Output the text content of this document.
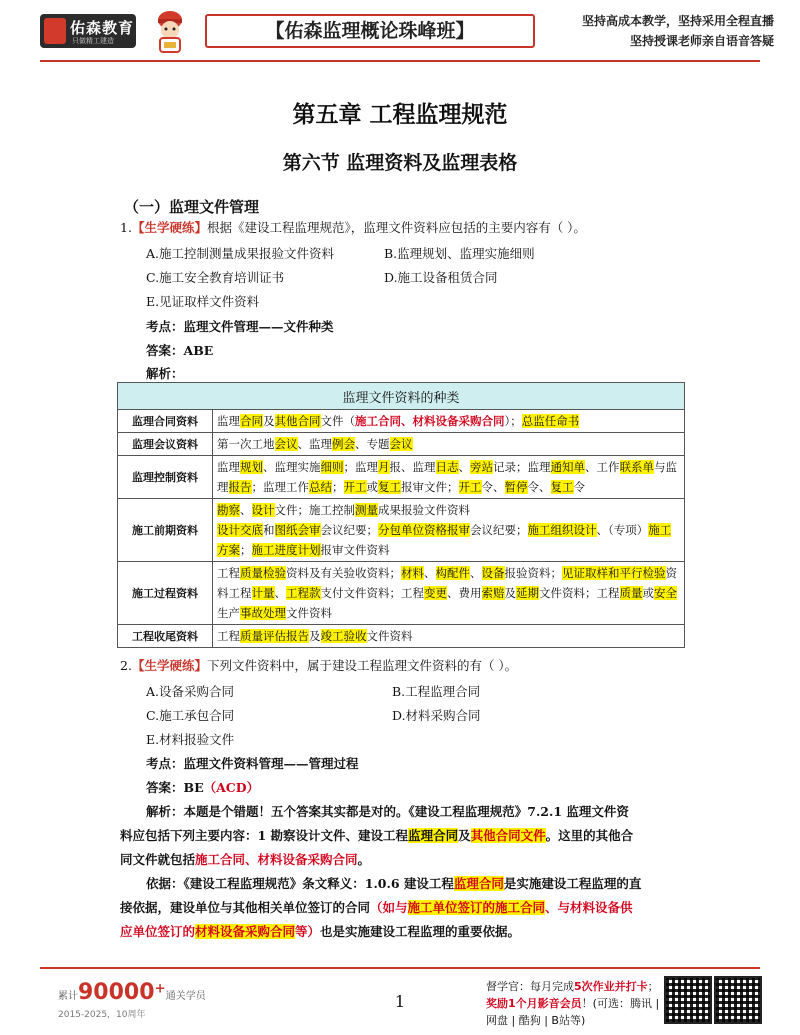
佑森教育
只做精工建造	【佑森监理概论珠峰班】	坚持高成本教学，坚持采用全程直播
坚持授课老师亲自语音答疑
第五章 工程监理规范
第六节 监理资料及监理表格
（一）监理文件管理
1.【生学硬练】根据《建设工程监理规范》，监理文件资料应包括的主要内容有（ ）。
A.施工控制测量成果报验文件资料	B.监理规划、监理实施细则
C.施工安全教育培训证书	D.施工设备租赁合同
E.见证取样文件资料
考点：监理文件管理——文件种类
答案：ABE
解析：
监理文件资料的种类	
监理合同资料	监理合同及其他合同文件（施工合同、材料设备采购合同）；总监任命书
监理会议资料	第一次工地会议、监理例会、专题会议
监理控制资料	监理规划、监理实施细则；监理月报、监理日志、旁站记录；监理通知单、工作联系单与监理报告；监理工作总结；开工或复工报审文件；开工令、暂停令、复工令
施工前期资料	勘察、设计文件；施工控制测量成果报验文件资料
设计交底和图纸会审会议纪要；分包单位资格报审会议纪要；施工组织设计、（专项）施工方案；施工进度计划报审文件资料
施工过程资料	工程质量检验资料及有关验收资料；材料、构配件、设备报验资料；见证取样和平行检验资料工程计量、工程款支付文件资料；工程变更、费用索赔及延期文件资料；工程质量或安全生产事故处理文件资料
工程收尾资料	工程质量评估报告及竣工验收文件资料
2.【生学硬练】下列文件资料中，属于建设工程监理文件资料的有（ ）。
A.设备采购合同	B.工程监理合同
C.施工承包合同	D.材料采购合同
E.材料报验文件
考点：监理文件资料管理——管理过程
答案：BE（ACD）
解析：本题是个错题！五个答案其实都是对的。《建设工程监理规范》7.2.1 监理文件资
料应包括下列主要内容：1 勘察设计文件、建设工程监理合同及其他合同文件。这里的其他合
同文件就包括施工合同、材料设备采购合同。
依据：《建设工程监理规范》条文释义：1.0.6 建设工程监理合同是实施建设工程监理的直
接依据，建设单位与其他相关单位签订的合同（如与施工单位签订的施工合同、与材料设备供
应单位签订的材料设备采购合同等）也是实施建设工程监理的重要依据。
累计90000+通关学员
2015-2025，10周年
1
督学官：每月完成5次作业并打卡；
奖励1个月影音会员！(可选：腾讯 |
网盘 | 酷狗 | B站等)
